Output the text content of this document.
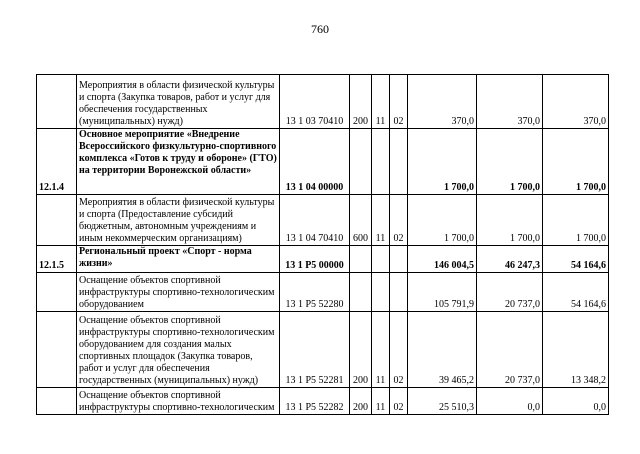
760
	Мероприятия в области физической культуры и спорта (Закупка товаров, работ и услуг для обеспечения государственных (муниципальных) нужд)	13 1 03 70410	200	11	02	370,0	370,0	370,0
12.1.4	Основное мероприятие «Внедрение Всероссийского физкультурно-спортивного комплекса «Готов к труду и обороне» (ГТО) на территории Воронежской области»	13 1 04 00000				1 700,0	1 700,0	1 700,0
	Мероприятия в области физической культуры и спорта (Предоставление субсидий бюджетным, автономным учреждениям и иным некоммерческим организациям)	13 1 04 70410	600	11	02	1 700,0	1 700,0	1 700,0
12.1.5	Региональный проект «Спорт - норма жизни»	13 1 P5 00000				146 004,5	46 247,3	54 164,6
	Оснащение объектов спортивной инфраструктуры спортивно-технологическим оборудованием	13 1 P5 52280				105 791,9	20 737,0	54 164,6
	Оснащение объектов спортивной инфраструктуры спортивно-технологическим оборудованием для создания малых спортивных площадок (Закупка товаров, работ и услуг для обеспечения государственных (муниципальных) нужд)	13 1 P5 52281	200	11	02	39 465,2	20 737,0	13 348,2
	Оснащение объектов спортивной инфраструктуры спортивно-технологическим	13 1 P5 52282	200	11	02	25 510,3	0,0	0,0
